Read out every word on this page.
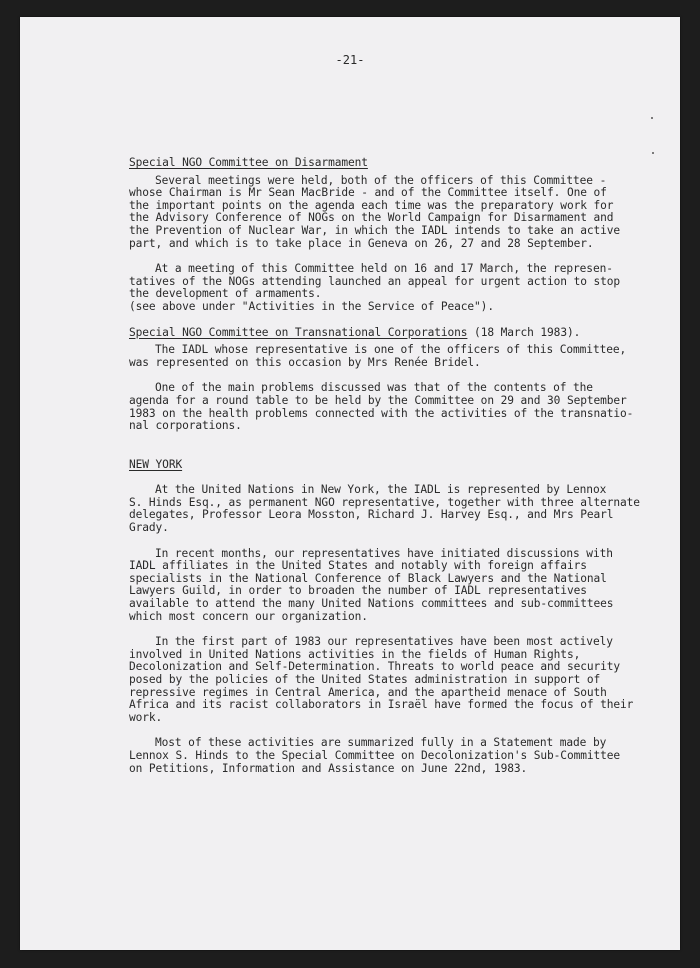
-21-
Special NGO Committee on Disarmament

Several meetings were held, both of the officers of this Committee -
whose Chairman is Mr Sean MacBride - and of the Committee itself. One of
the important points on the agenda each time was the preparatory work for
the Advisory Conference of NOGs on the World Campaign for Disarmament and
the Prevention of Nuclear War, in which the IADL intends to take an active
part, and which is to take place in Geneva on 26, 27 and 28 September.

At a meeting of this Committee held on 16 and 17 March, the represen-
tatives of the NOGs attending launched an appeal for urgent action to stop
the development of armaments.

(see above under "Activities in the Service of Peace").

Special NGO Committee on Transnational Corporations (18 March 1983).

The IADL whose representative is one of the officers of this Committee,
was represented on this occasion by Mrs Renée Bridel.

One of the main problems discussed was that of the contents of the
agenda for a round table to be held by the Committee on 29 and 30 September
1983 on the health problems connected with the activities of the transnatio-
nal corporations.

NEW YORK

At the United Nations in New York, the IADL is represented by Lennox
S. Hinds Esq., as permanent NGO representative, together with three alternate
delegates, Professor Leora Mosston, Richard J. Harvey Esq., and Mrs Pearl
Grady.

In recent months, our representatives have initiated discussions with
IADL affiliates in the United States and notably with foreign affairs
specialists in the National Conference of Black Lawyers and the National
Lawyers Guild, in order to broaden the number of IADL representatives
available to attend the many United Nations committees and sub-committees
which most concern our organization.

In the first part of 1983 our representatives have been most actively
involved in United Nations activities in the fields of Human Rights,
Decolonization and Self-Determination. Threats to world peace and security
posed by the policies of the United States administration in support of
repressive regimes in Central America, and the apartheid menace of South
Africa and its racist collaborators in Israël have formed the focus of their
work.

Most of these activities are summarized fully in a Statement made by
Lennox S. Hinds to the Special Committee on Decolonization's Sub-Committee
on Petitions, Information and Assistance on June 22nd, 1983.
